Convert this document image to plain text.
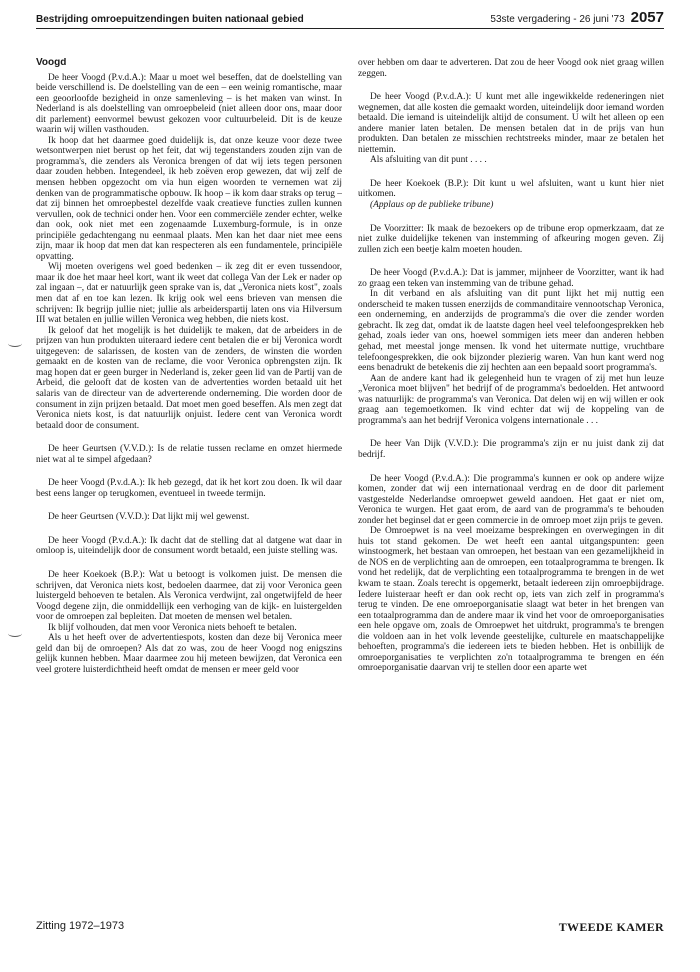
Bestrijding omroepuitzendingen buiten nationaal gebied	53ste vergadering - 26 juni '73 2057
Voogd

De heer Voogd (P.v.d.A.): Maar u moet wel beseffen, dat de doelstelling van beide verschillend is. De doelstelling van de een – een weinig romantische, maar een geoorloofde bezigheid in onze samenleving – is het maken van winst. In Nederland is als doelstelling van omroepbeleid (niet alleen door ons, maar door dit parlement) eenvormel bewust gekozen voor cultuurbeleid. Dit is de keuze waarin wij willen vasthouden.

Ik hoop dat het daarmee goed duidelijk is, dat onze keuze voor deze twee wetsontwerpen niet berust op het feit, dat wij tegenstanders zouden zijn van de programma's, die zenders als Veronica brengen of dat wij iets tegen personen daar zouden hebben. Integendeel, ik heb zoëven erop gewezen, dat wij zelf de mensen hebben opgezocht om via hun eigen woorden te vernemen wat zij denken van de programmatische opbouw. Ik hoop – ik kom daar straks op terug – dat zij binnen het omroepbestel dezelfde vaak creatieve functies zullen kunnen vervullen, ook de technici onder hen. Voor een commerciële zender echter, welke dan ook, ook niet met een zogenaamde Luxemburg-formule, is in onze principiële gedachtengang nu eenmaal plaats. Men kan het daar niet mee eens zijn, maar ik hoop dat men dat kan respecteren als een fundamentele, principiële opvatting.

Wij moeten overigens wel goed bedenken – ik zeg dit er even tussendoor, maar ik doe het maar heel kort, want ik weet dat collega Van der Lek er nader op zal ingaan –, dat er natuurlijk geen sprake van is, dat „Veronica niets kost", zoals men dat af en toe kan lezen. Ik krijg ook wel eens brieven van mensen die schrijven: Ik begrijp jullie niet; jullie als arbeiderspartij laten ons via Hilversum III wat betalen en jullie willen Veronica weg hebben, die niets kost.

Ik geloof dat het mogelijk is het duidelijk te maken, dat de arbeiders in de prijzen van hun produkten uiteraard iedere cent betalen die er bij Veronica wordt uitgegeven: de salarissen, de kosten van de zenders, de winsten die worden gemaakt en de kosten van de reclame, die voor Veronica opbrengsten zijn. Ik mag hopen dat er geen burger in Nederland is, zeker geen lid van de Partij van de Arbeid, die gelooft dat de kosten van de advertenties worden betaald uit het salaris van de directeur van de adverterende onderneming. Die worden door de consument in zijn prijzen betaald. Dat moet men goed beseffen. Als men zegt dat Veronica niets kost, is dat natuurlijk onjuist. Iedere cent van Veronica wordt betaald door de consument.

De heer Geurtsen (V.V.D.): Is de relatie tussen reclame en omzet hiermede niet wat al te simpel afgedaan?

De heer Voogd (P.v.d.A.): Ik heb gezegd, dat ik het kort zou doen. Ik wil daar best eens langer op terugkomen, eventueel in tweede termijn.

De heer Geurtsen (V.V.D.): Dat lijkt mij wel gewenst.

De heer Voogd (P.v.d.A.): Ik dacht dat de stelling dat al datgene wat daar in omloop is, uiteindelijk door de consument wordt betaald, een juiste stelling was.

De heer Koekoek (B.P.): Wat u betoogt is volkomen juist. De mensen die schrijven, dat Veronica niets kost, bedoelen daarmee, dat zij voor Veronica geen luistergeld behoeven te betalen. Als Veronica verdwijnt, zal ongetwijfeld de heer Voogd degene zijn, die onmiddellijk een verhoging van de kijk- en luistergelden voor de omroepen zal bepleiten. Dat moeten de mensen wel betalen.

Ik blijf volhouden, dat men voor Veronica niets behoeft te betalen.

Als u het heeft over de advertentiespots, kosten dan deze bij Veronica meer geld dan bij de omroepen? Als dat zo was, zou de heer Voogd nog enigszins gelijk kunnen hebben. Maar daarmee zou hij meteen bewijzen, dat Veronica een veel grotere luisterdichtheid heeft omdat de mensen er meer geld voor

over hebben om daar te adverteren. Dat zou de heer Voogd ook niet graag willen zeggen.

De heer Voogd (P.v.d.A.): U kunt met alle ingewikkelde redeneringen niet wegnemen, dat alle kosten die gemaakt worden, uiteindelijk door iemand worden betaald. Die iemand is uiteindelijk altijd de consument. U wilt het alleen op een andere manier laten betalen. De mensen betalen dat in de prijs van hun produkten. Dan betalen ze misschien rechtstreeks minder, maar ze betalen het niettemin.

Als afsluiting van dit punt . . . .

De heer Koekoek (B.P.): Dit kunt u wel afsluiten, want u kunt hier niet uitkomen.

(Applaus op de publieke tribune)

De Voorzitter: Ik maak de bezoekers op de tribune erop opmerkzaam, dat ze niet zulke duidelijke tekenen van instemming of afkeuring mogen geven. Zij zullen zich een beetje kalm moeten houden.

De heer Voogd (P.v.d.A.): Dat is jammer, mijnheer de Voorzitter, want ik had zo graag een teken van instemming van de tribune gehad.

In dit verband en als afsluiting van dit punt lijkt het mij nuttig een onderscheid te maken tussen enerzijds de commanditaire vennootschap Veronica, een onderneming, en anderzijds de programma's die over die zender worden gebracht. Ik zeg dat, omdat ik de laatste dagen heel veel telefoongesprekken heb gehad, zoals ieder van ons, hoewel sommigen iets meer dan anderen hebben gehad, met meestal jonge mensen. Ik vond het uitermate nuttige, vruchtbare telefoongesprekken, die ook bijzonder plezierig waren. Van hun kant werd nog eens benadrukt de betekenis die zij hechten aan een bepaald soort programma's.

Aan de andere kant had ik gelegenheid hun te vragen of zij met hun leuze „Veronica moet blijven" het bedrijf of de programma's bedoelden. Het antwoord was natuurlijk: de programma's van Veronica. Dat delen wij en wij willen er ook graag aan tegemoetkomen. Ik vind echter dat wij de koppeling van de programma's aan het bedrijf Veronica volgens internationale . . .

De heer Van Dijk (V.V.D.): Die programma's zijn er nu juist dank zij dat bedrijf.

De heer Voogd (P.v.d.A.): Die programma's kunnen er ook op andere wijze komen, zonder dat wij een internationaal verdrag en de door dit parlement vastgestelde Nederlandse omroepwet geweld aandoen. Het gaat er niet om, Veronica te wurgen. Het gaat erom, de aard van de programma's te behouden zonder het beginsel dat er geen commercie in de omroep moet zijn prijs te geven.

De Omroepwet is na veel moeizame besprekingen en overwegingen in dit huis tot stand gekomen. De wet heeft een aantal uitgangspunten: geen winstoogmerk, het bestaan van omroepen, het bestaan van een gezamelijkheid in de NOS en de verplichting aan de omroepen, een totaalprogramma te brengen. Ik vond het redelijk, dat de verplichting een totaalprogramma te brengen in de wet kwam te staan. Zoals terecht is opgemerkt, betaalt iedereen zijn omroepbijdrage. Iedere luisteraar heeft er dan ook recht op, iets van zich zelf in programma's terug te vinden. De ene omroeporganisatie slaagt wat beter in het brengen van een totaalprogramma dan de andere maar ik vind het voor de omroeporganisaties een hele opgave om, zoals de Omroepwet het uitdrukt, programma's te brengen die voldoen aan in het volk levende geestelijke, culturele en maatschappelijke behoeften, programma's die iedereen iets te bieden hebben. Het is onbillijk de omroeporganisaties te verplichten zo'n totaalprogramma te brengen en één omroeporganisatie daarvan vrij te stellen door een aparte wet

Zitting 1972–1973	TWEEDE KAMER
